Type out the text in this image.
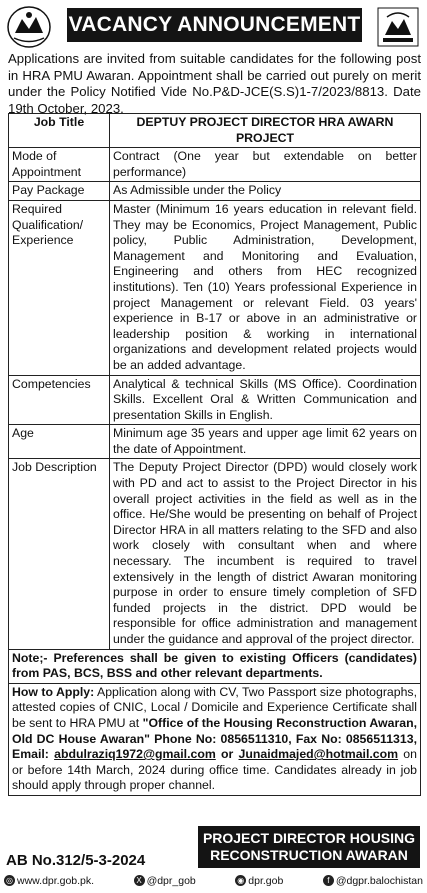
VACANCY ANNOUNCEMENT
Applications are invited from suitable candidates for the following post in HRA PMU Awaran. Appointment shall be carried out purely on merit under the Policy Notified Vide No.P&D-JCE(S.S)1-7/2023/8813. Date 19th October, 2023.
Job Title	DEPTUY PROJECT DIRECTOR HRA AWARN PROJECT
Mode of Appointment	Contract (One year but extendable on better performance)
Pay Package	As Admissible under the Policy
Required Qualification/ Experience	Master (Minimum 16 years education in relevant field. They may be Economics, Project Management, Public policy, Public Administration, Development, Management and Monitoring and Evaluation, Engineering and others from HEC recognized institutions). Ten (10) Years professional Experience in project Management or relevant Field. 03 years' experience in B-17 or above in an administrative or leadership position & working in international organizations and development related projects would be an added advantage.
Competencies	Analytical & technical Skills (MS Office). Coordination Skills. Excellent Oral & Written Communication and presentation Skills in English.
Age	Minimum age 35 years and upper age limit 62 years on the date of Appointment.
Job Description	The Deputy Project Director (DPD) would closely work with PD and act to assist to the Project Director in his overall project activities in the field as well as in the office. He/She would be presenting on behalf of Project Director HRA in all matters relating to the SFD and also work closely with consultant when and where necessary. The incumbent is required to travel extensively in the length of district Awaran monitoring purpose in order to ensure timely completion of SFD funded projects in the district. DPD would be responsible for office administration and management under the guidance and approval of the project director.
Note;- Preferences shall be given to existing Officers (candidates) from PAS, BCS, BSS and other relevant departments.	
How to Apply: Application along with CV, Two Passport size photographs, attested copies of CNIC, Local / Domicile and Experience Certificate shall be sent to HRA PMU at "Office of the Housing Reconstruction Awaran, Old DC House Awaran" Phone No: 0856511310, Fax No: 0856511313, Email: abdulraziq1972@gmail.com or Junaidmajed@hotmail.com on or before 14th March, 2024 during office time. Candidates already in job should apply through proper channel.	
PROJECT DIRECTOR HOUSING
RECONSTRUCTION AWARAN
AB No.312/5-3-2024
◎ www.dpr.gob.pk.	X @dpr_gob	◉ dpr.gob	f @dgpr.balochistan
